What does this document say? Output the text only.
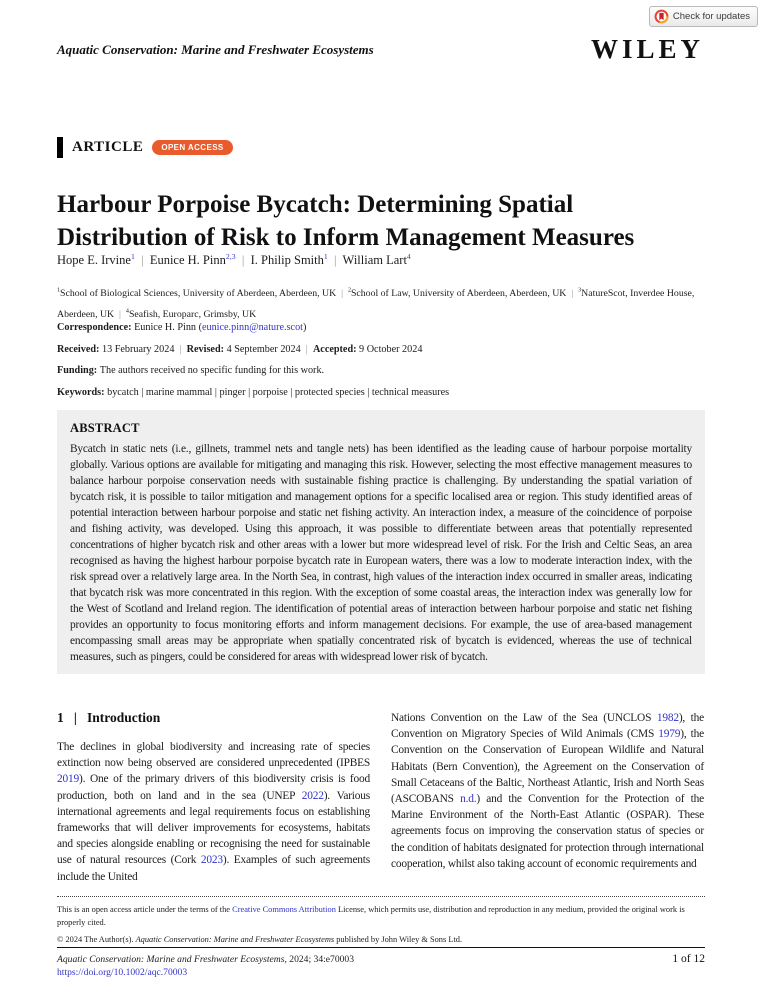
Check for updates
Aquatic Conservation: Marine and Freshwater Ecosystems	WILEY
ARTICLE	OPEN ACCESS
Harbour Porpoise Bycatch: Determining Spatial Distribution of Risk to Inform Management Measures
Hope E. Irvine$^1$  |  Eunice H. Pinn$^{2,3}$  |  I. Philip Smith$^1$  |  William Lart$^4$
$^1$School of Biological Sciences, University of Aberdeen, Aberdeen, UK  |  $^2$School of Law, University of Aberdeen, Aberdeen, UK  |  $^3$NatureScot, Inverdee House, Aberdeen, UK  |  $^4$Seafish, Europarc, Grimsby, UK
Correspondence: Eunice H. Pinn (eunice.pinn@nature.scot)
Received: 13 February 2024  |  Revised: 4 September 2024  |  Accepted: 9 October 2024
Funding: The authors received no specific funding for this work.
Keywords: bycatch | marine mammal | pinger | porpoise | protected species | technical measures
ABSTRACT

Bycatch in static nets (i.e., gillnets, trammel nets and tangle nets) has been identified as the leading cause of harbour porpoise mortality globally. Various options are available for mitigating and managing this risk. However, selecting the most effective management measures to balance harbour porpoise conservation needs with sustainable fishing practice is challenging. By understanding the spatial variation of bycatch risk, it is possible to tailor mitigation and management options for a specific localised area or region. This study identified areas of potential interaction between harbour porpoise and static net fishing activity. An interaction index, a measure of the coincidence of porpoise and fishing activity, was developed. Using this approach, it was possible to differentiate between areas that potentially represented concentrations of higher bycatch risk and other areas with a lower but more widespread level of risk. For the Irish and Celtic Seas, an area recognised as having the highest harbour porpoise bycatch rate in European waters, there was a low to moderate interaction index, with the risk spread over a relatively large area. In the North Sea, in contrast, high values of the interaction index occurred in smaller areas, indicating that bycatch risk was more concentrated in this region. With the exception of some coastal areas, the interaction index was generally low for the West of Scotland and Ireland region. The identification of potential areas of interaction between harbour porpoise and static net fishing provides an opportunity to focus monitoring efforts and inform management decisions. For example, the use of area-based management encompassing small areas may be appropriate when spatially concentrated risk of bycatch is evidenced, whereas the use of technical measures, such as pingers, could be considered for areas with widespread lower risk of bycatch.

1   |   Introduction

The declines in global biodiversity and increasing rate of species extinction now being observed are considered unprecedented (IPBES 2019). One of the primary drivers of this biodiversity crisis is food production, both on land and in the sea (UNEP 2022). Various international agreements and legal requirements focus on establishing frameworks that will deliver improvements for ecosystems, habitats and species alongside enabling or recognising the need for sustainable use of natural resources (Cork 2023). Examples of such agreements include the United

Nations Convention on the Law of the Sea (UNCLOS 1982), the Convention on Migratory Species of Wild Animals (CMS 1979), the Convention on the Conservation of European Wildlife and Natural Habitats (Bern Convention), the Agreement on the Conservation of Small Cetaceans of the Baltic, Northeast Atlantic, Irish and North Seas (ASCOBANS n.d.) and the Convention for the Protection of the Marine Environment of the North-East Atlantic (OSPAR). These agreements focus on improving the conservation status of species or the condition of habitats designated for protection through international cooperation, whilst also taking account of economic requirements and

This is an open access article under the terms of the Creative Commons Attribution License, which permits use, distribution and reproduction in any medium, provided the original work is properly cited.
© 2024 The Author(s). Aquatic Conservation: Marine and Freshwater Ecosystems published by John Wiley & Sons Ltd.
Aquatic Conservation: Marine and Freshwater Ecosystems, 2024; 34:e70003
https://doi.org/10.1002/aqc.70003
1 of 12
